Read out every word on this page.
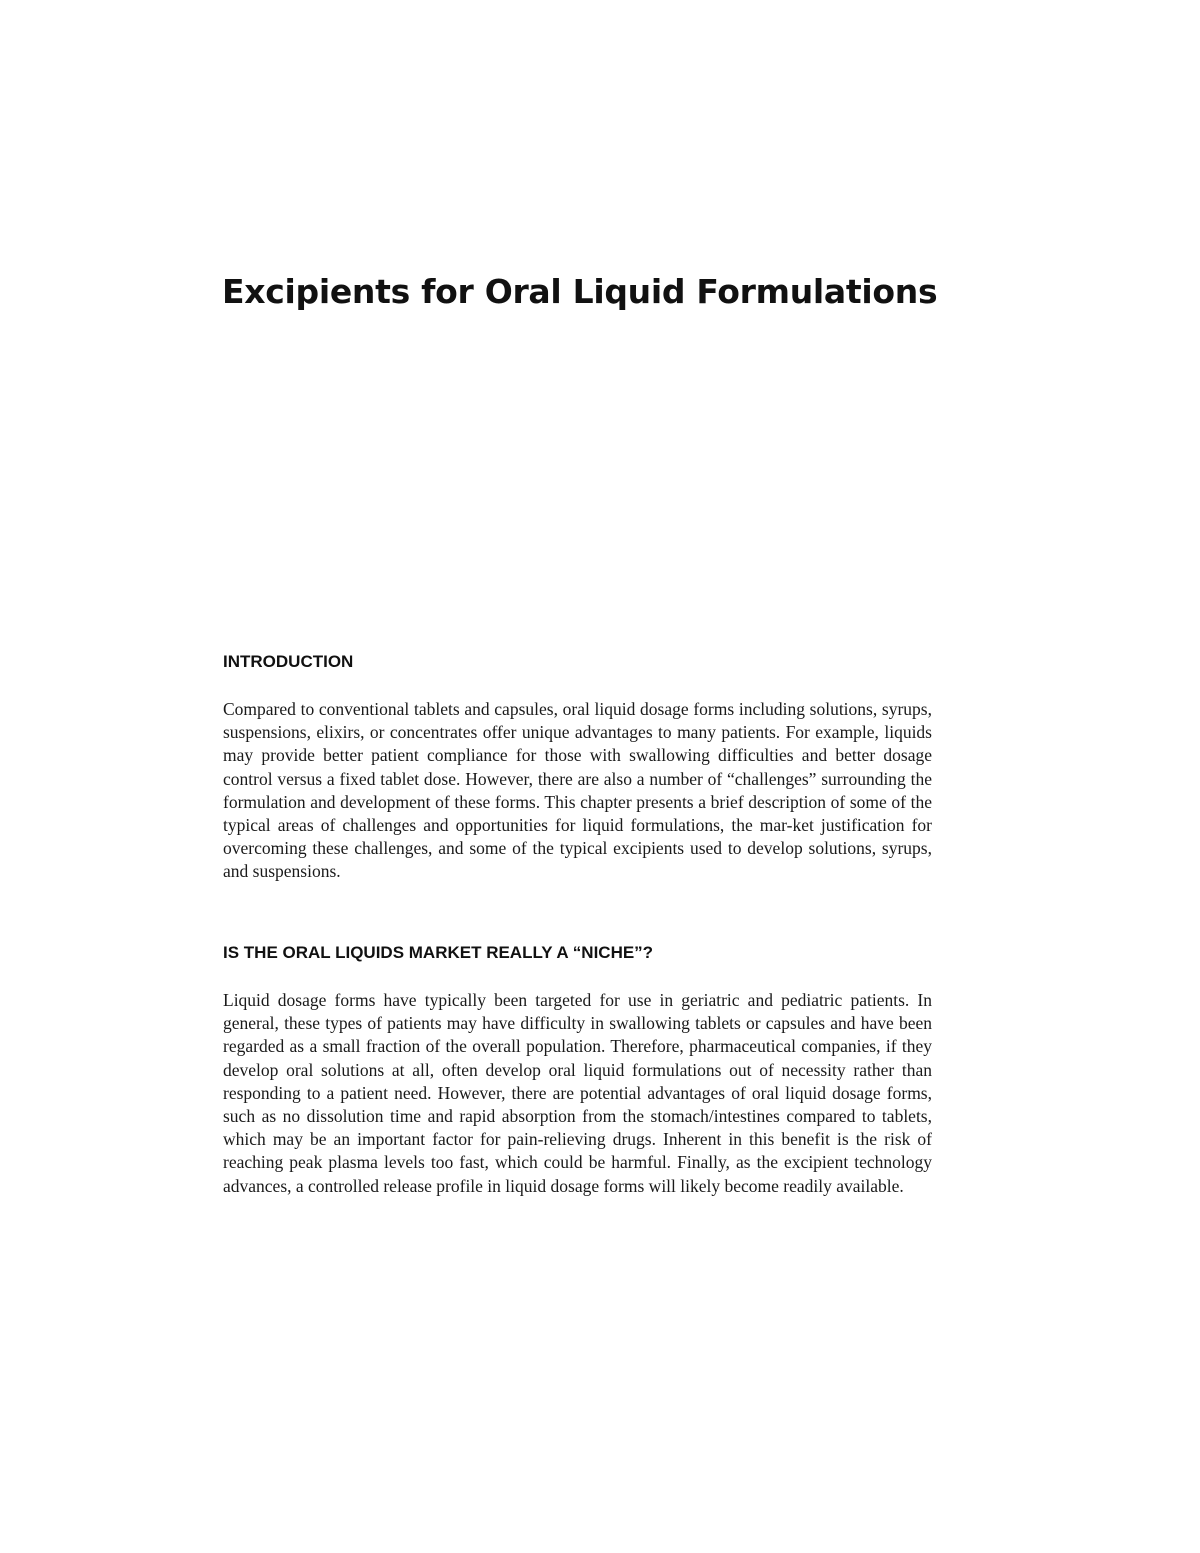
Excipients for Oral Liquid Formulations
INTRODUCTION

Compared to conventional tablets and capsules, oral liquid dosage forms including solutions, syrups, suspensions, elixirs, or concentrates offer unique advantages to many patients. For example, liquids may provide better patient compliance for those with swallowing difficulties and better dosage control versus a fixed tablet dose. However, there are also a number of “challenges” surrounding the formulation and development of these forms. This chapter presents a brief description of some of the typical areas of challenges and opportunities for liquid formulations, the mar-ket justification for overcoming these challenges, and some of the typical excipients used to develop solutions, syrups, and suspensions.

IS THE ORAL LIQUIDS MARKET REALLY A “NICHE”?

Liquid dosage forms have typically been targeted for use in geriatric and pediatric patients. In general, these types of patients may have difficulty in swallowing tablets or capsules and have been regarded as a small fraction of the overall population. Therefore, pharmaceutical companies, if they develop oral solutions at all, often develop oral liquid formulations out of necessity rather than responding to a patient need. However, there are potential advantages of oral liquid dosage forms, such as no dissolution time and rapid absorption from the stomach/intestines compared to tablets, which may be an important factor for pain-relieving drugs. Inherent in this benefit is the risk of reaching peak plasma levels too fast, which could be harmful. Finally, as the excipient technology advances, a controlled release profile in liquid dosage forms will likely become readily available.
